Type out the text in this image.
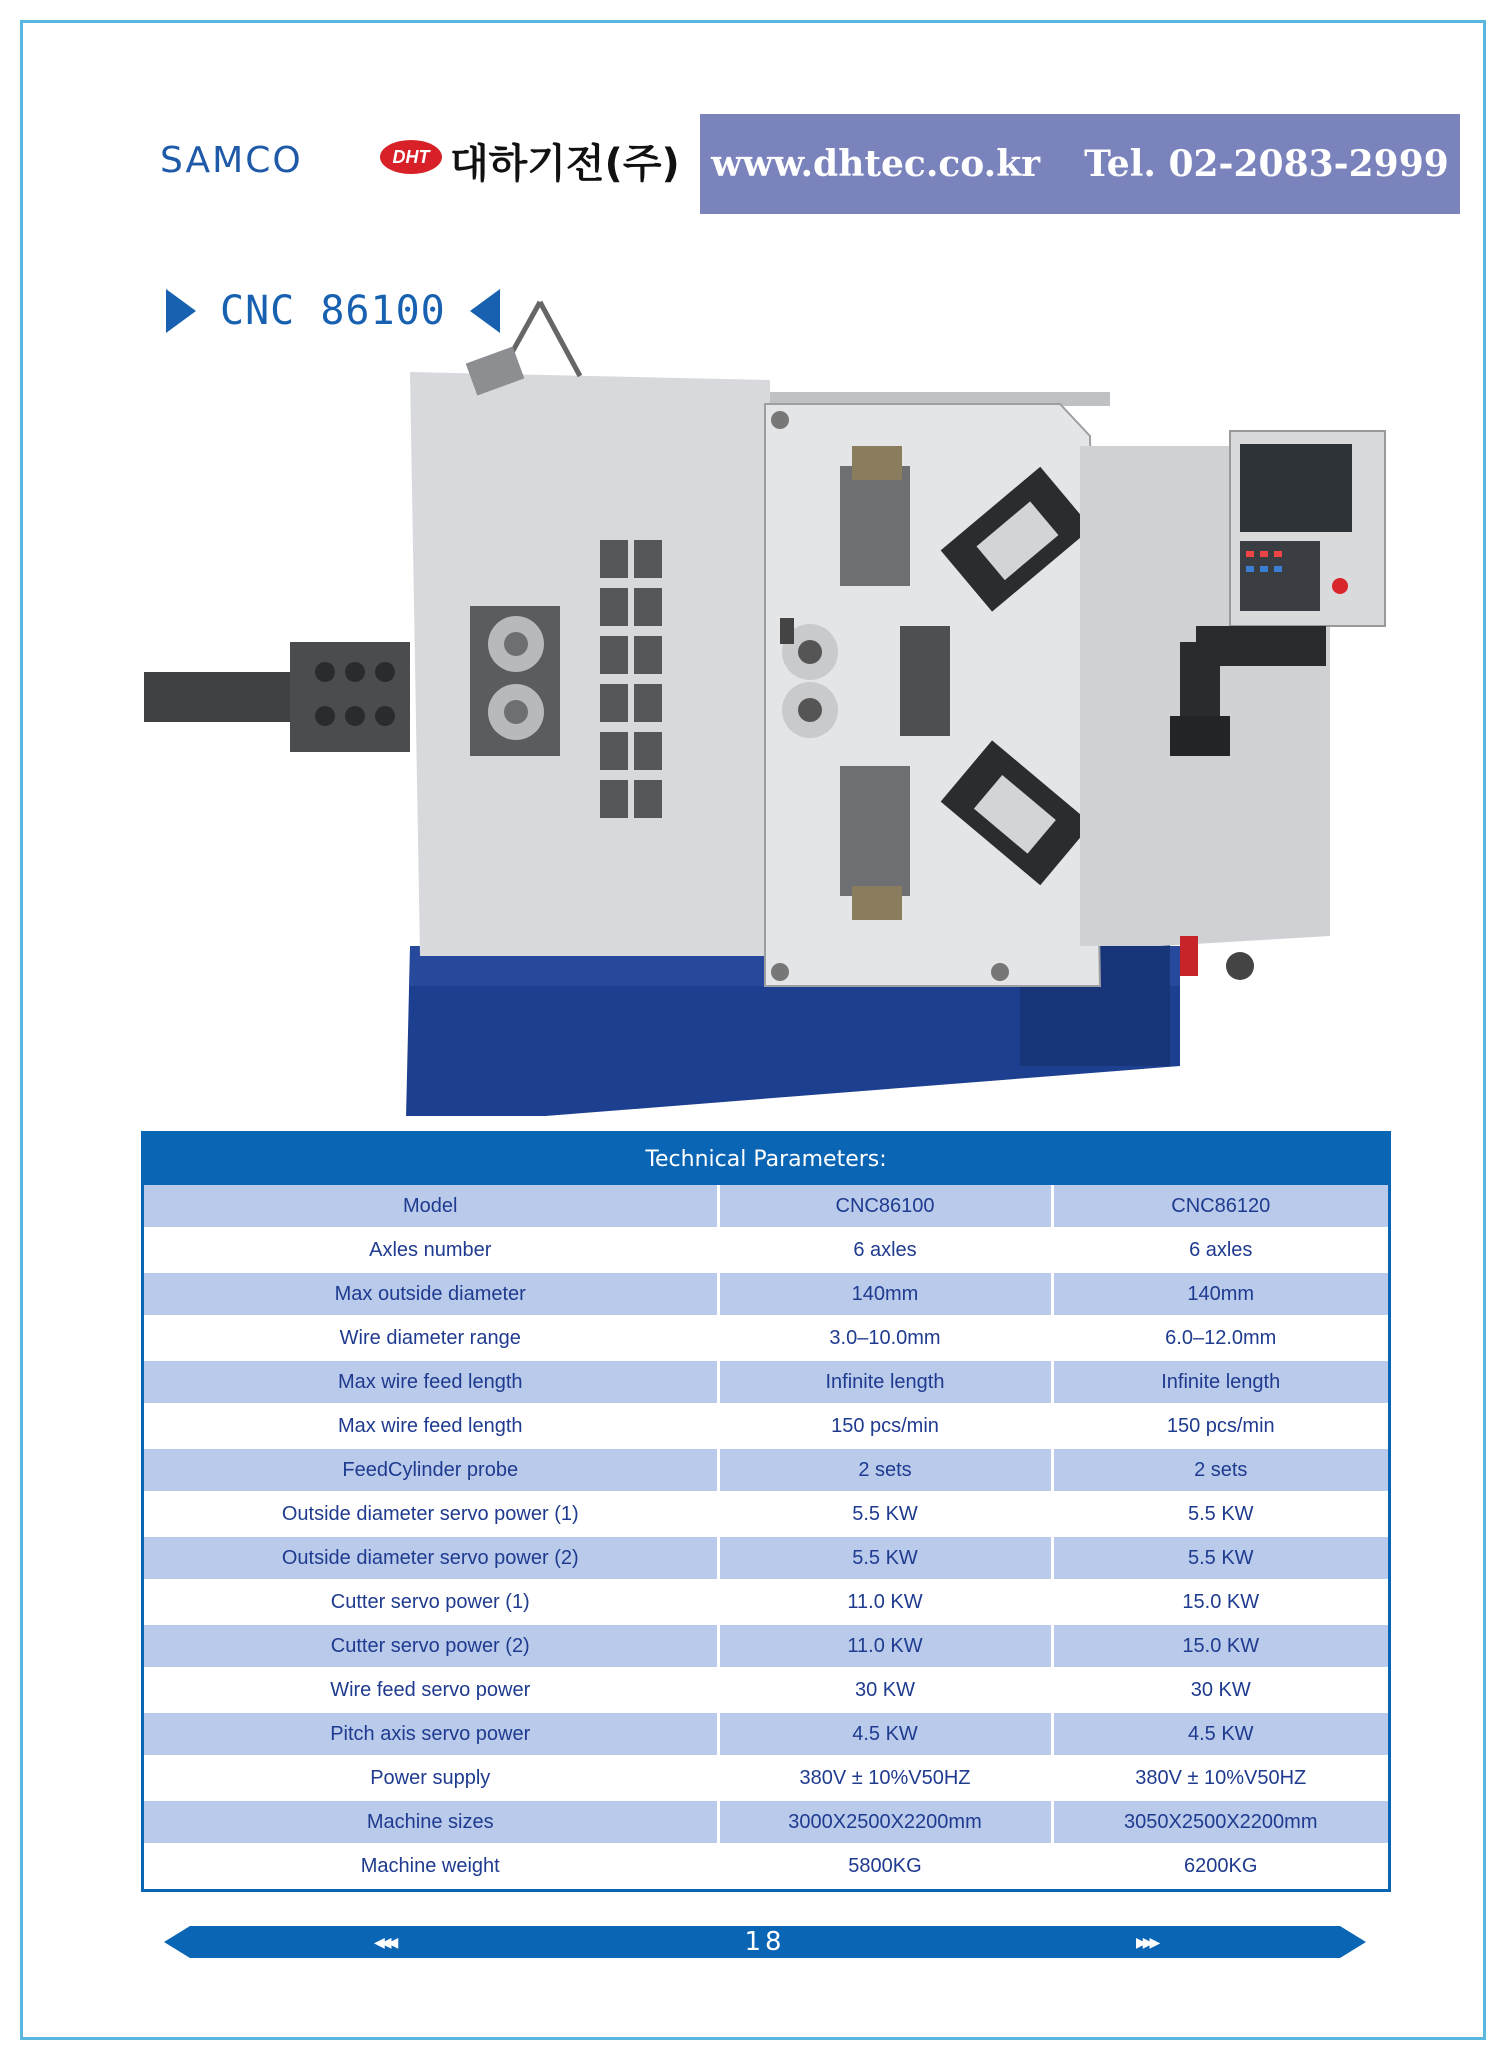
SAMCO	DHT 대하기전(주) www.dhtec.co.kr Tel. 02-2083-2999
CNC 86100
Technical Parameters:
Model	CNC86100	CNC86120
Axles number	6 axles	6 axles
Max outside diameter	140mm	140mm
Wire diameter range	3.0–10.0mm	6.0–12.0mm
Max wire feed length	Infinite length	Infinite length
Max wire feed length	150 pcs/min	150 pcs/min
FeedCylinder probe	2 sets	2 sets
Outside diameter servo power (1)	5.5 KW	5.5 KW
Outside diameter servo power (2)	5.5 KW	5.5 KW
Cutter servo power (1)	11.0 KW	15.0 KW
Cutter servo power (2)	11.0 KW	15.0 KW
Wire feed servo power	30 KW	30 KW
Pitch axis servo power	4.5 KW	4.5 KW
Power supply	380V ± 10%V50HZ	380V ± 10%V50HZ
Machine sizes	3000X2500X2200mm	3050X2500X2200mm
Machine weight	5800KG	6200KG
◀◀◀	18	▶▶▶
